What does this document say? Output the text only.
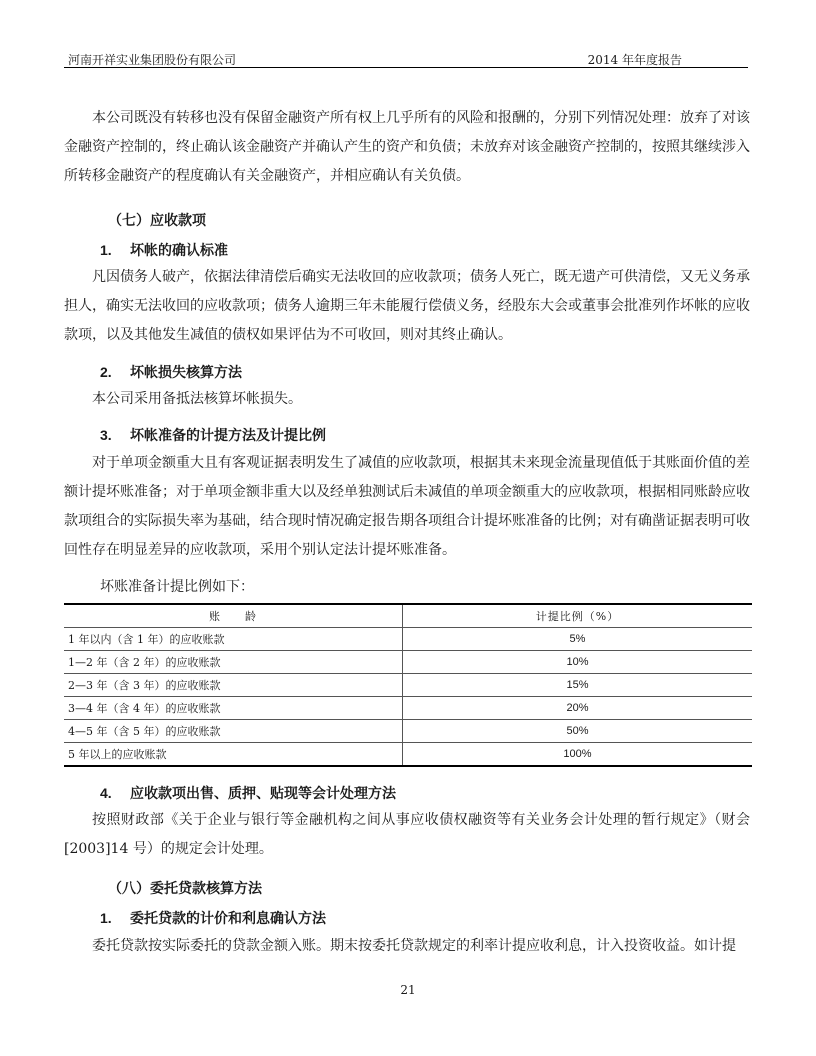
河南开祥实业集团股份有限公司	2014 年年度报告

本公司既没有转移也没有保留金融资产所有权上几乎所有的风险和报酬的，分别下列情况处理：放弃了对该金融资产控制的，终止确认该金融资产并确认产生的资产和负债；未放弃对该金融资产控制的，按照其继续涉入所转移金融资产的程度确认有关金融资产，并相应确认有关负债。

（七）应收款项
1. 坏帐的确认标准

凡因债务人破产，依据法律清偿后确实无法收回的应收款项；债务人死亡，既无遗产可供清偿，又无义务承担人，确实无法收回的应收款项；债务人逾期三年未能履行偿债义务，经股东大会或董事会批准列作坏帐的应收款项，以及其他发生减值的债权如果评估为不可收回，则对其终止确认。

2. 坏帐损失核算方法

本公司采用备抵法核算坏帐损失。

3. 坏帐准备的计提方法及计提比例

对于单项金额重大且有客观证据表明发生了减值的应收款项，根据其未来现金流量现值低于其账面价值的差额计提坏账准备；对于单项金额非重大以及经单独测试后未减值的单项金额重大的应收款项，根据相同账龄应收款项组合的实际损失率为基础，结合现时情况确定报告期各项组合计提坏账准备的比例；对有确凿证据表明可收回性存在明显差异的应收款项，采用个别认定法计提坏账准备。

坏账准备计提比例如下：
账　　龄	计提比例（%）
1 年以内（含 1 年）的应收账款	5%
1—2 年（含 2 年）的应收账款	10%
2—3 年（含 3 年）的应收账款	15%
3—4 年（含 4 年）的应收账款	20%
4—5 年（含 5 年）的应收账款	50%
5 年以上的应收账款	100%
4. 应收款项出售、质押、贴现等会计处理方法

按照财政部《关于企业与银行等金融机构之间从事应收债权融资等有关业务会计处理的暂行规定》（财会[2003]14 号）的规定会计处理。

（八）委托贷款核算方法
1. 委托贷款的计价和利息确认方法

委托贷款按实际委托的贷款金额入账。期末按委托贷款规定的利率计提应收利息，计入投资收益。如计提

21
